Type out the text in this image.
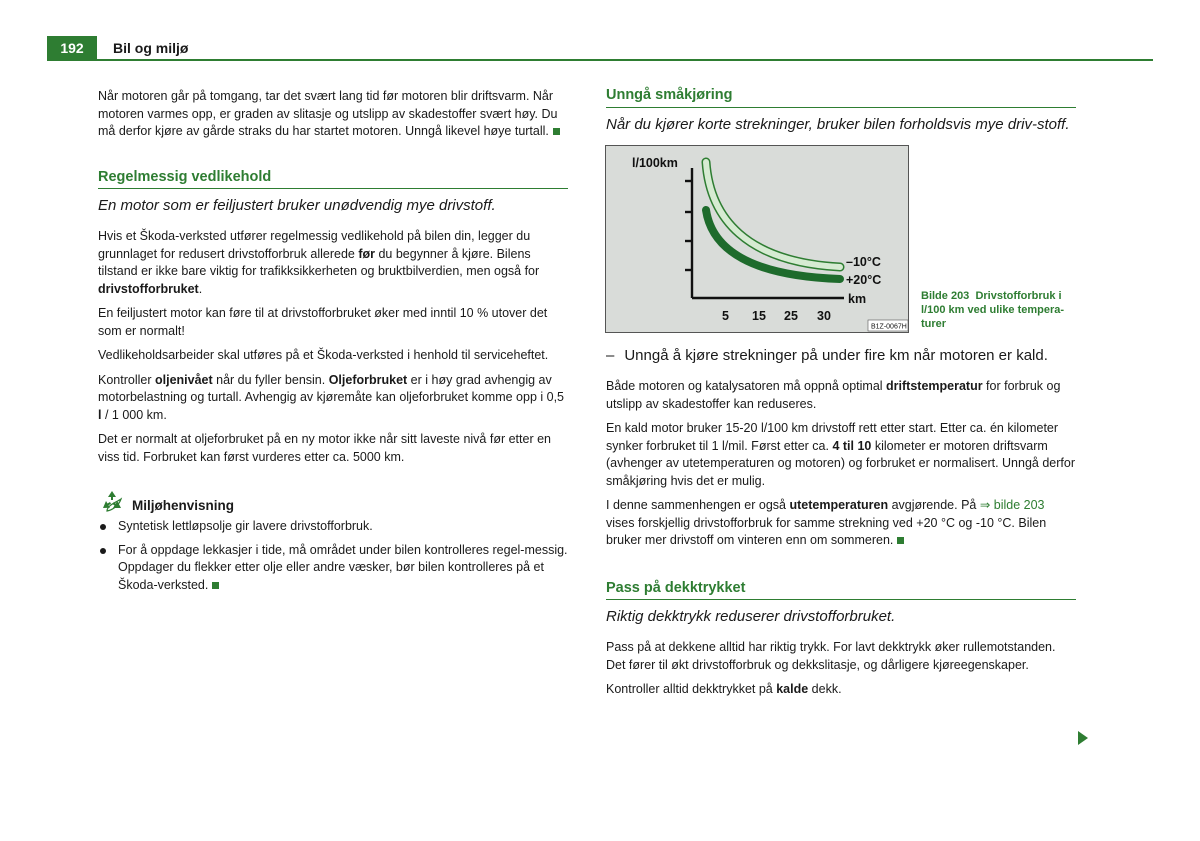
192	Bil og miljø

Når motoren går på tomgang, tar det svært lang tid før motoren blir driftsvarm. Når motoren varmes opp, er graden av slitasje og utslipp av skadestoffer svært høy. Du må derfor kjøre av gårde straks du har startet motoren. Unngå likevel høye turtall.

Regelmessig vedlikehold
En motor som er feiljustert bruker unødvendig mye drivstoff.

Hvis et Škoda-verksted utfører regelmessig vedlikehold på bilen din, legger du grunnlaget for redusert drivstofforbruk allerede før du begynner å kjøre. Bilens tilstand er ikke bare viktig for trafikksikkerheten og bruktbilverdien, men også for drivstofforbruket.

En feiljustert motor kan føre til at drivstofforbruket øker med inntil 10 % utover det som er normalt!

Vedlikeholdsarbeider skal utføres på et Škoda-verksted i henhold til serviceheftet.

Kontroller oljenivået når du fyller bensin. Oljeforbruket er i høy grad avhengig av motorbelastning og turtall. Avhengig av kjøremåte kan oljeforbruket komme opp i 0,5 l / 1 000 km.

Det er normalt at oljeforbruket på en ny motor ikke når sitt laveste nivå før etter en viss tid. Forbruket kan først vurderes etter ca. 5000 km.

Miljøhenvisning
Syntetisk lettløpsolje gir lavere drivstofforbruk.
For å oppdage lekkasjer i tide, må området under bilen kontrolleres regel-messig. Oppdager du flekker etter olje eller andre væsker, bør bilen kontrolleres på et Škoda-verksted.
Unngå småkjøring
Når du kjører korte strekninger, bruker bilen forholdsvis mye driv-stoff.
l/100km
–10°C
+20°C
km
5 15 25 30
B1Z-0067H
Bilde 203 Drivstofforbruk i l/100 km ved ulike tempera-turer
– Unngå å kjøre strekninger på under fire km når motoren er kald.

Både motoren og katalysatoren må oppnå optimal driftstemperatur for forbruk og utslipp av skadestoffer kan reduseres.

En kald motor bruker 15-20 l/100 km drivstoff rett etter start. Etter ca. én kilometer synker forbruket til 1 l/mil. Først etter ca. 4 til 10 kilometer er motoren driftsvarm (avhenger av utetemperaturen og motoren) og forbruket er normalisert. Unngå derfor småkjøring hvis det er mulig.

I denne sammenhengen er også utetemperaturen avgjørende. På ⇒ bilde 203 vises forskjellig drivstofforbruk for samme strekning ved +20 °C og -10 °C. Bilen bruker mer drivstoff om vinteren enn om sommeren.

Pass på dekktrykket
Riktig dekktrykk reduserer drivstofforbruket.

Pass på at dekkene alltid har riktig trykk. For lavt dekktrykk øker rullemotstanden. Det fører til økt drivstofforbruk og dekkslitasje, og dårligere kjøreegenskaper.

Kontroller alltid dekktrykket på kalde dekk.
